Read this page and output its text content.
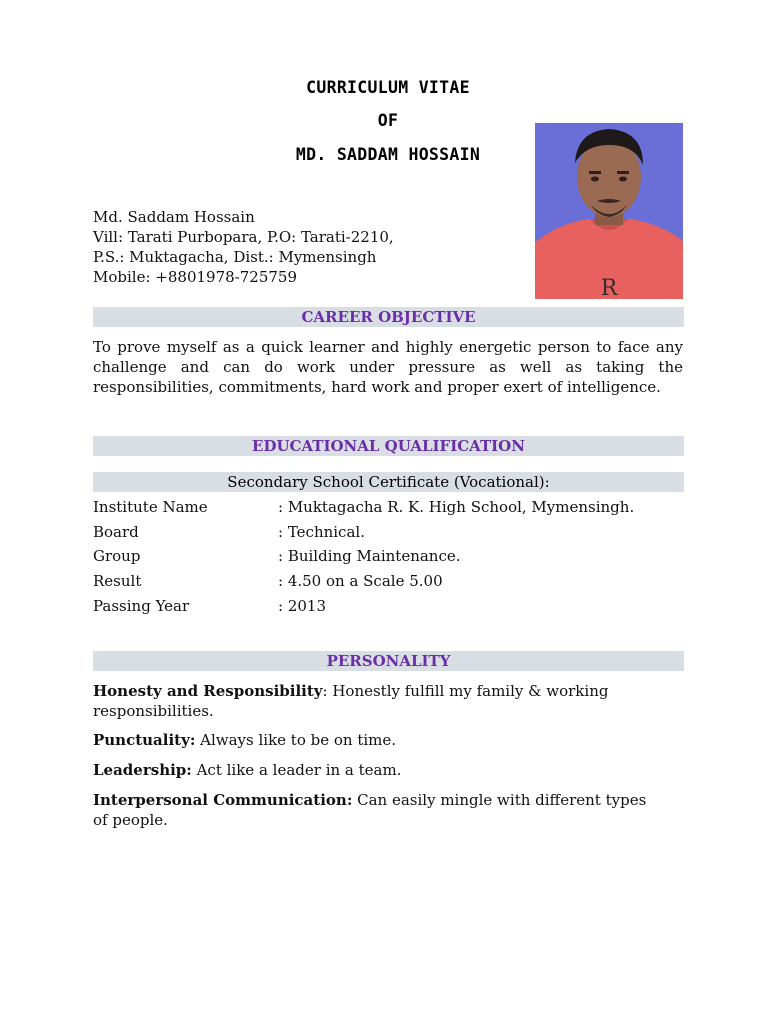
CURRICULUM VITAE
OF
MD. SADDAM HOSSAIN
R
Md. Saddam Hossain
Vill: Tarati Purbopara, P.O: Tarati-2210,
P.S.: Muktagacha, Dist.: Mymensingh
Mobile: +8801978-725759
CAREER OBJECTIVE
To prove myself as a quick learner and highly energetic person to face any challenge and can do work under pressure as well as taking the responsibilities, commitments, hard work and proper exert of intelligence.
EDUCATIONAL QUALIFICATION
Secondary School Certificate (Vocational):
Institute Name	: Muktagacha R. K. High School, Mymensingh.
Board	: Technical.
Group	: Building Maintenance.
Result	: 4.50 on a Scale 5.00
Passing Year	: 2013
PERSONALITY
Honesty and Responsibility: Honestly fulfill my family & working responsibilities.
Punctuality: Always like to be on time.
Leadership: Act like a leader in a team.
Interpersonal Communication: Can easily mingle with different types of people.
